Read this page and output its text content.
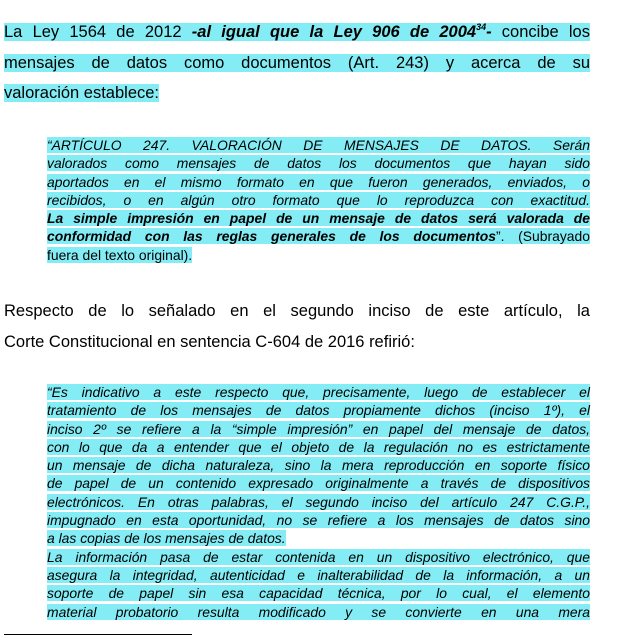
La Ley 1564 de 2012 -al igual que la Ley 906 de 2004$^{34}$- concibe los
mensajes de datos como documentos (Art. 243) y acerca de su
valoración establece:
“ARTÍCULO 247. VALORACIÓN DE MENSAJES DE DATOS. Serán
valorados como mensajes de datos los documentos que hayan sido
aportados en el mismo formato en que fueron generados, enviados, o
recibidos, o en algún otro formato que lo reproduzca con exactitud.
La simple impresión en papel de un mensaje de datos será valorada de
conformidad con las reglas generales de los documentos”. (Subrayado
fuera del texto original).
Respecto de lo señalado en el segundo inciso de este artículo, la
Corte Constitucional en sentencia C-604 de 2016 refirió:
“Es indicativo a este respecto que, precisamente, luego de establecer el
tratamiento de los mensajes de datos propiamente dichos (inciso 1º), el
inciso 2º se refiere a la “simple impresión” en papel del mensaje de datos,
con lo que da a entender que el objeto de la regulación no es estrictamente
un mensaje de dicha naturaleza, sino la mera reproducción en soporte físico
de papel de un contenido expresado originalmente a través de dispositivos
electrónicos. En otras palabras, el segundo inciso del artículo 247 C.G.P.,
impugnado en esta oportunidad, no se refiere a los mensajes de datos sino
a las copias de los mensajes de datos.
La información pasa de estar contenida en un dispositivo electrónico, que
asegura la integridad, autenticidad e inalterabilidad de la información, a un
soporte de papel sin esa capacidad técnica, por lo cual, el elemento
material probatorio resulta modificado y se convierte en una mera
